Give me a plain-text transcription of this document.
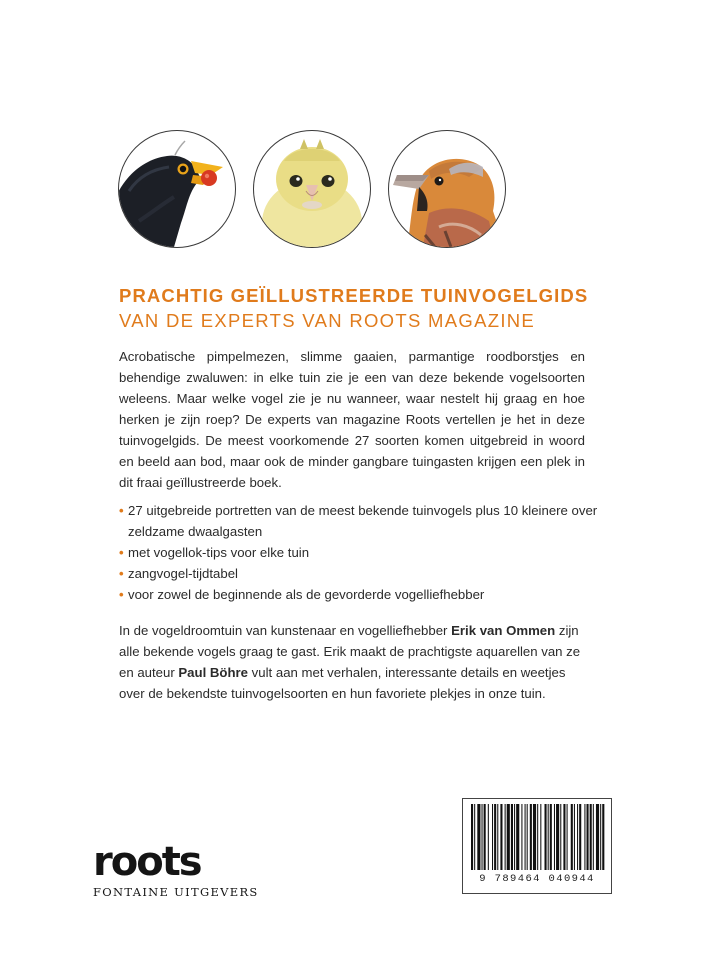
PRACHTIG GEÏLLUSTREERDE TUINVOGELGIDS
VAN DE EXPERTS VAN ROOTS MAGAZINE

Acrobatische pimpelmezen, slimme gaaien, parmantige roodborstjes en behendige zwaluwen: in elke tuin zie je een van deze bekende vogelsoorten weleens. Maar welke vogel zie je nu wanneer, waar nestelt hij graag en hoe herken je zijn roep? De experts van magazine Roots vertellen je het in deze tuinvogelgids. De meest voorkomende 27 soorten komen uitgebreid in woord en beeld aan bod, maar ook de minder gangbare tuingasten krijgen een plek in dit fraai geïllustreerde boek.

• 27 uitgebreide portretten van de meest bekende tuinvogels plus 10 kleinere over zeldzame dwaalgasten
• met vogellok-tips voor elke tuin
• zangvogel-tijdtabel
• voor zowel de beginnende als de gevorderde vogelliefhebber

In de vogeldroomtuin van kunstenaar en vogelliefhebber Erik van Ommen zijn alle bekende vogels graag te gast. Erik maakt de prachtigste aquarellen van ze en auteur Paul Böhre vult aan met verhalen, interessante details en weetjes over de bekendste tuinvogelsoorten en hun favoriete plekjes in onze tuin.

roots
FONTAINE UITGEVERS
9 789464 040944
